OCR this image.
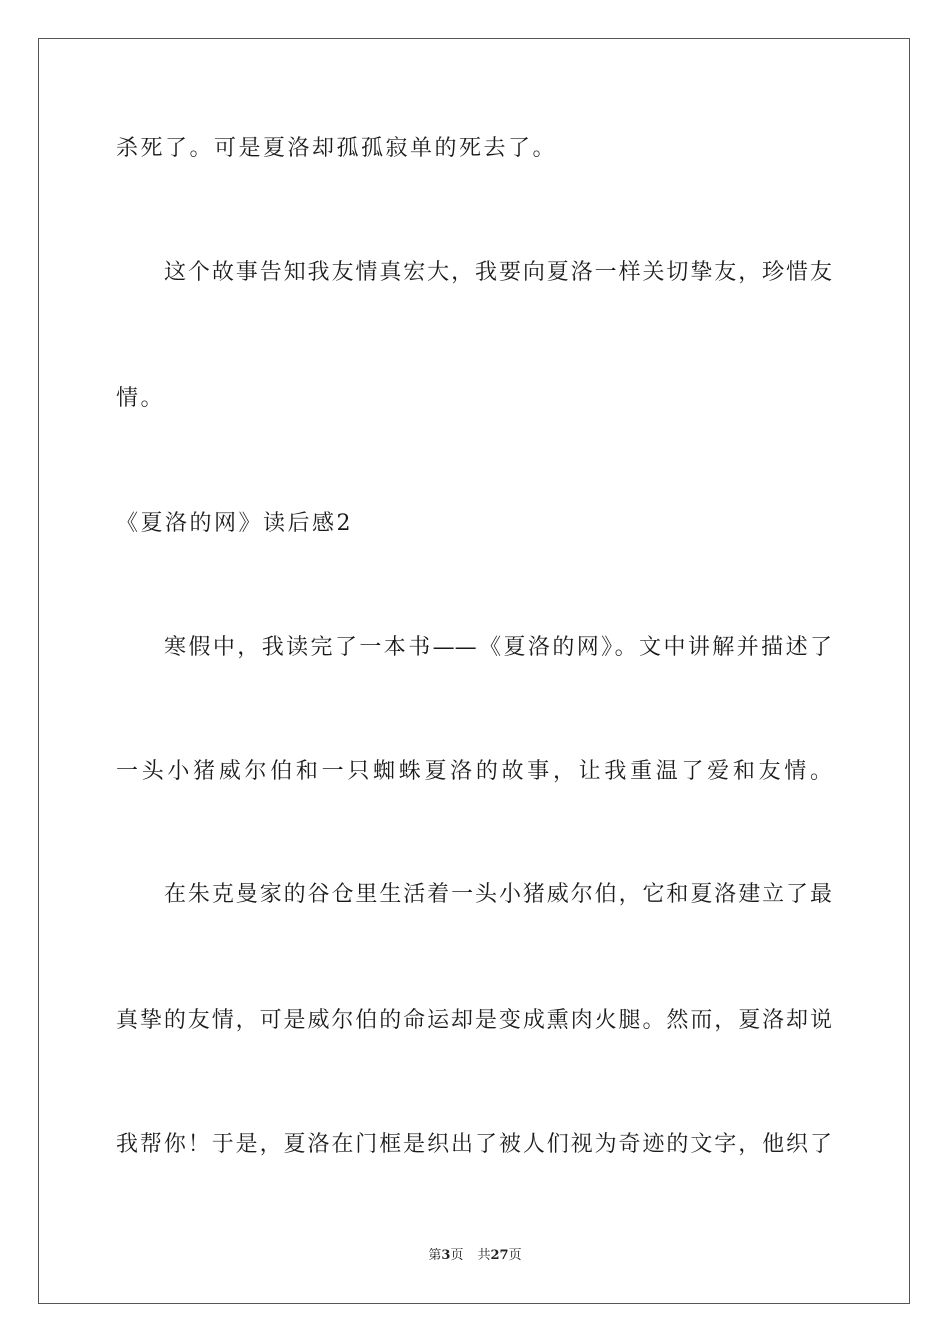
杀死了。可是夏洛却孤孤寂单的死去了。
这个故事告知我友情真宏大，我要向夏洛一样关切挚友，珍惜友
情。
《夏洛的网》读后感2
寒假中，我读完了一本书——《夏洛的网》。文中讲解并描述了
一头小猪威尔伯和一只蜘蛛夏洛的故事，让我重温了爱和友情。
在朱克曼家的谷仓里生活着一头小猪威尔伯，它和夏洛建立了最
真挚的友情，可是威尔伯的命运却是变成熏肉火腿。然而，夏洛却说
我帮你！于是，夏洛在门框是织出了被人们视为奇迹的文字，他织了
第3页 共27页
